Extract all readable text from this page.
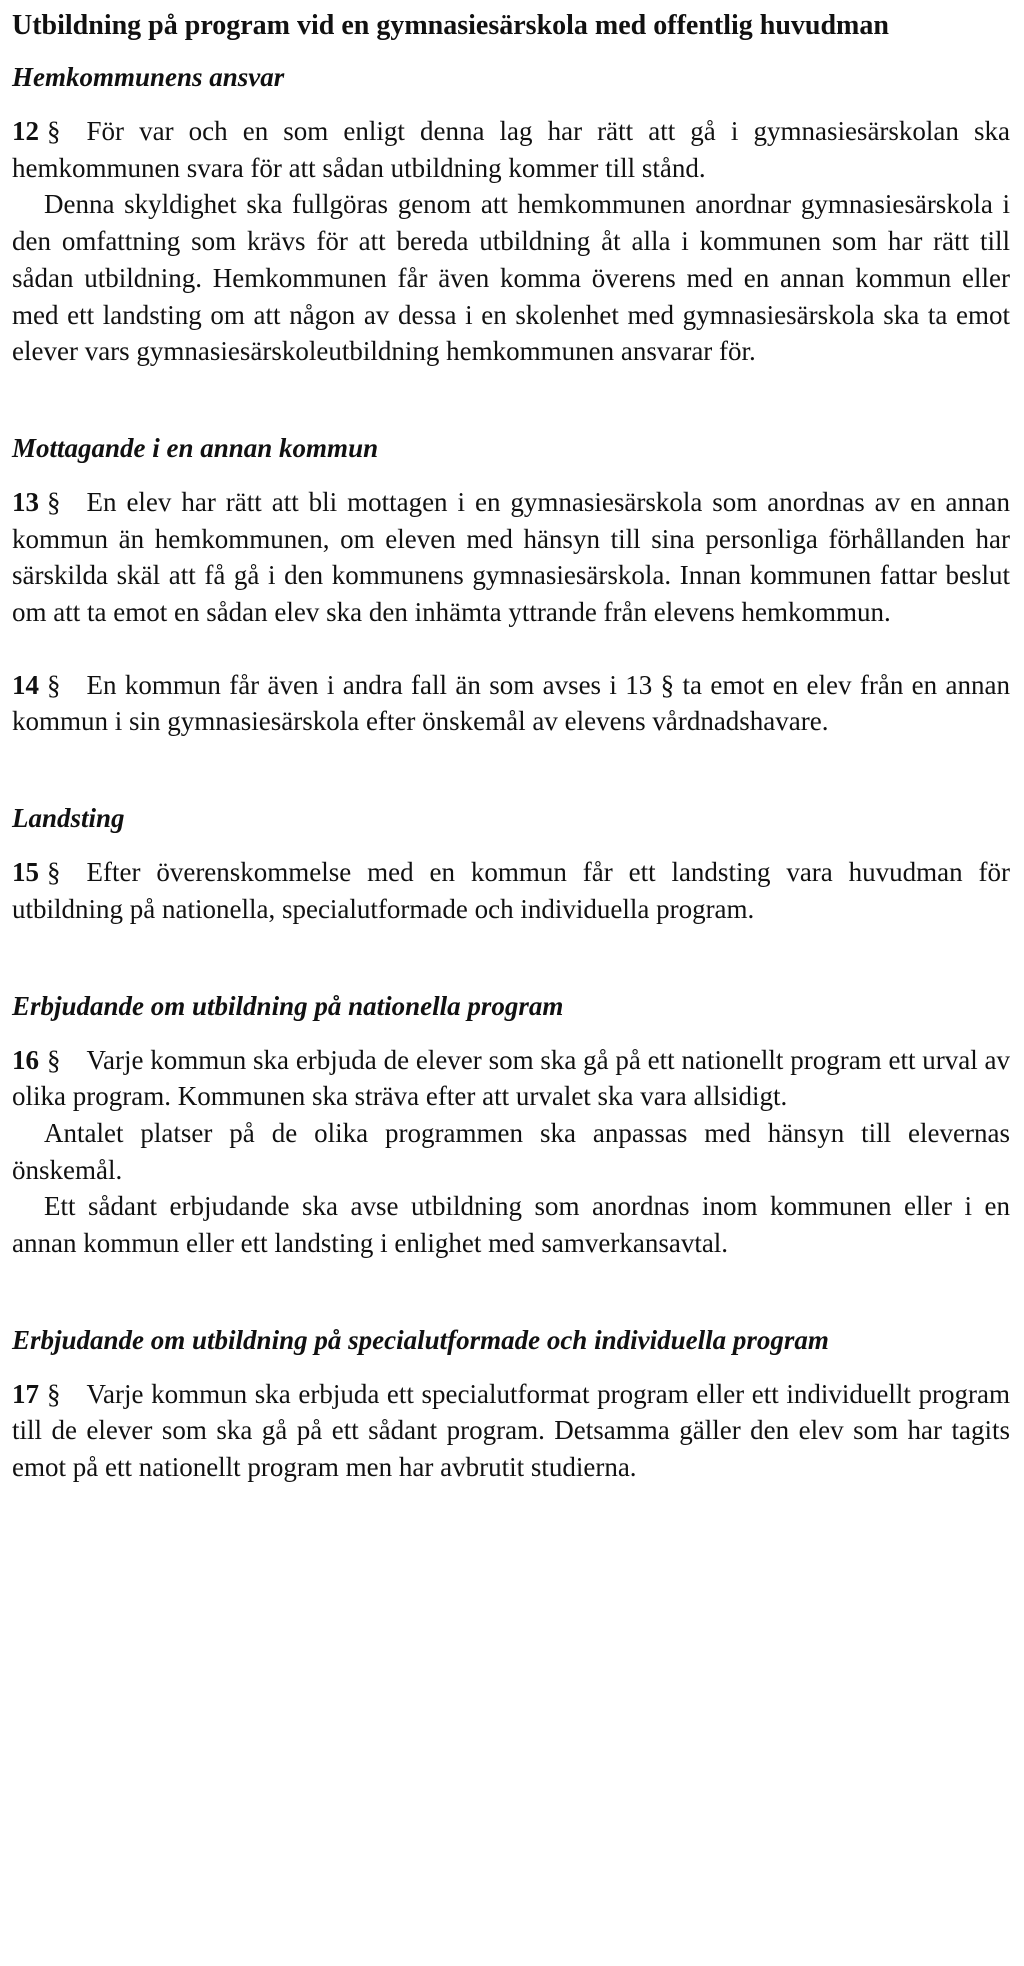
Utbildning på program vid en gymnasiesärskola med offentlig huvudman
Hemkommunens ansvar

12 § För var och en som enligt denna lag har rätt att gå i gymnasiesärskolan ska hemkommunen svara för att sådan utbildning kommer till stånd.

Denna skyldighet ska fullgöras genom att hemkommunen anordnar gymnasiesärskola i den omfattning som krävs för att bereda utbildning åt alla i kommunen som har rätt till sådan utbildning. Hemkommunen får även komma överens med en annan kommun eller med ett landsting om att någon av dessa i en skolenhet med gymnasiesärskola ska ta emot elever vars gymnasiesärskoleutbildning hemkommunen ansvarar för.

Mottagande i en annan kommun

13 § En elev har rätt att bli mottagen i en gymnasiesärskola som anordnas av en annan kommun än hemkommunen, om eleven med hänsyn till sina personliga förhållanden har särskilda skäl att få gå i den kommunens gymnasiesärskola. Innan kommunen fattar beslut om att ta emot en sådan elev ska den inhämta yttrande från elevens hemkommun.

14 § En kommun får även i andra fall än som avses i 13 § ta emot en elev från en annan kommun i sin gymnasiesärskola efter önskemål av elevens vårdnadshavare.

Landsting

15 § Efter överenskommelse med en kommun får ett landsting vara huvudman för utbildning på nationella, specialutformade och individuella program.

Erbjudande om utbildning på nationella program

16 § Varje kommun ska erbjuda de elever som ska gå på ett nationellt program ett urval av olika program. Kommunen ska sträva efter att urvalet ska vara allsidigt.

Antalet platser på de olika programmen ska anpassas med hänsyn till elevernas önskemål.

Ett sådant erbjudande ska avse utbildning som anordnas inom kommunen eller i en annan kommun eller ett landsting i enlighet med samverkansavtal.

Erbjudande om utbildning på specialutformade och individuella program

17 § Varje kommun ska erbjuda ett specialutformat program eller ett individuellt program till de elever som ska gå på ett sådant program. Detsamma gäller den elev som har tagits emot på ett nationellt program men har avbrutit studierna.
